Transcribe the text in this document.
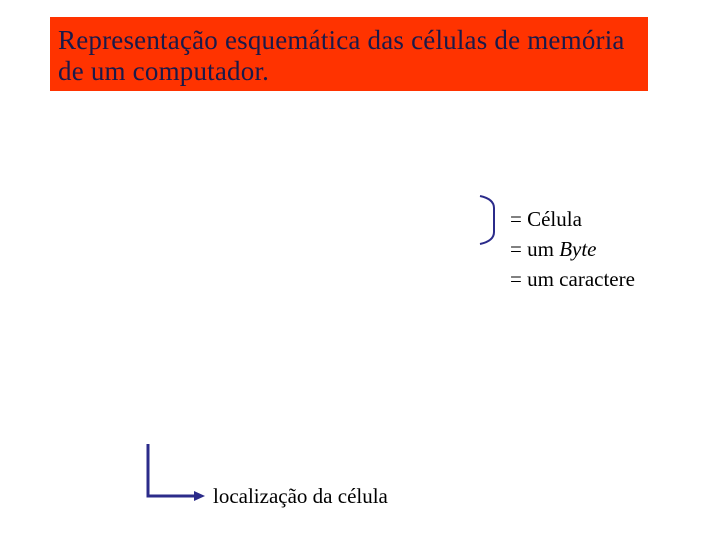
Representação esquemática das células de memória
de um computador.
= Célula
= um Byte
= um caractere
localização da célula
